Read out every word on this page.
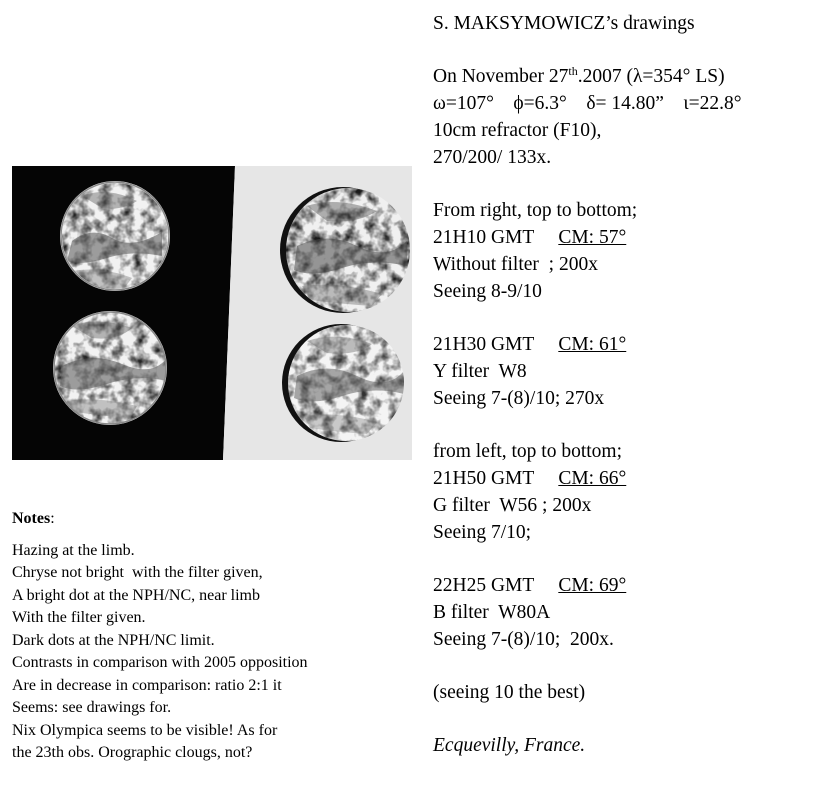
S. MAKSYMOWICZ’s drawings
On November 27th.2007 (λ=354° LS)
ω=107° ϕ=6.3° δ= 14.80” ι=22.8°
10cm refractor (F10),
270/200/ 133x.
From right, top to bottom;
21H10 GMT CM: 57°
Without filter  ; 200x
Seeing 8-9/10
21H30 GMT CM: 61°
Y filter  W8
Seeing 7-(8)/10; 270x
from left, top to bottom;
21H50 GMT CM: 66°
G filter  W56 ; 200x
Seeing 7/10;
22H25 GMT CM: 69°
B filter  W80A
Seeing 7-(8)/10;  200x.
(seeing 10 the best)
Ecquevilly, France.
Notes:
Hazing at the limb.
Chryse not bright  with the filter given,
A bright dot at the NPH/NC, near limb
With the filter given.
Dark dots at the NPH/NC limit.
Contrasts in comparison with 2005 opposition
Are in decrease in comparison: ratio 2:1 it
Seems: see drawings for.
Nix Olympica seems to be visible! As for
the 23th obs. Orographic clougs, not?
